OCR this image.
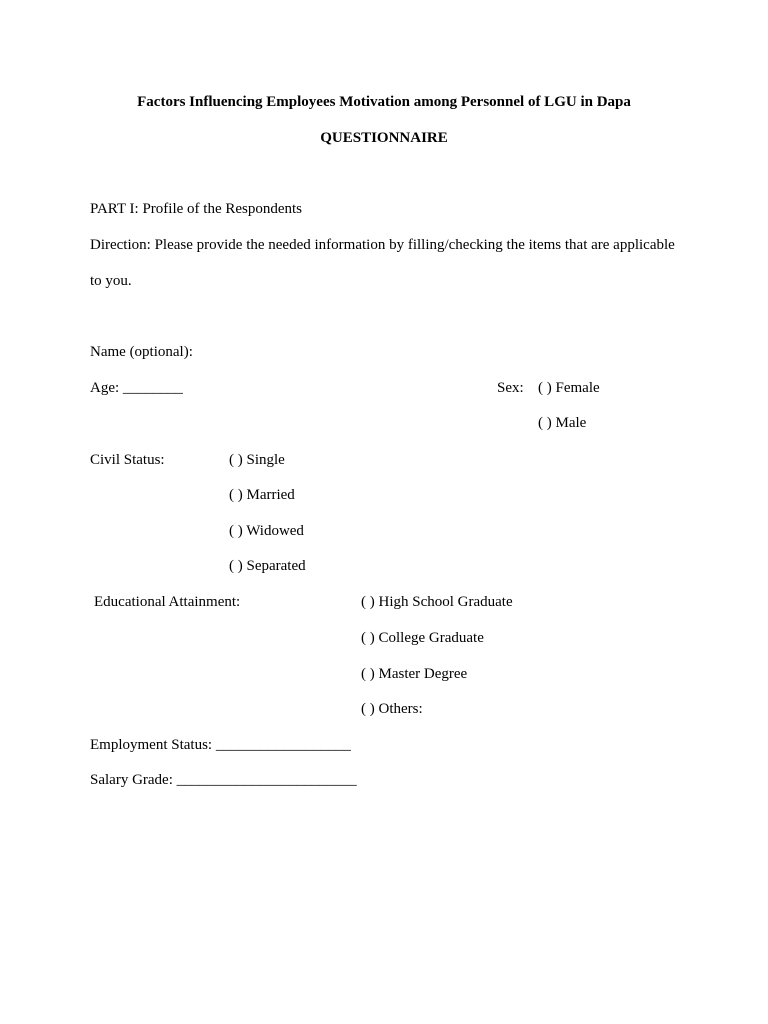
Factors Influencing Employees Motivation among Personnel of LGU in Dapa
QUESTIONNAIRE
PART I: Profile of the Respondents
Direction: Please provide the needed information by filling/checking the items that are applicable
to you.
Name (optional):
Age: ________	Sex: ( ) Female
( ) Male
Civil Status:	( ) Single
( ) Married
( ) Widowed
( ) Separated
Educational Attainment:	( ) High School Graduate
( ) College Graduate
( ) Master Degree
( ) Others:
Employment Status: __________________
Salary Grade: ________________________
